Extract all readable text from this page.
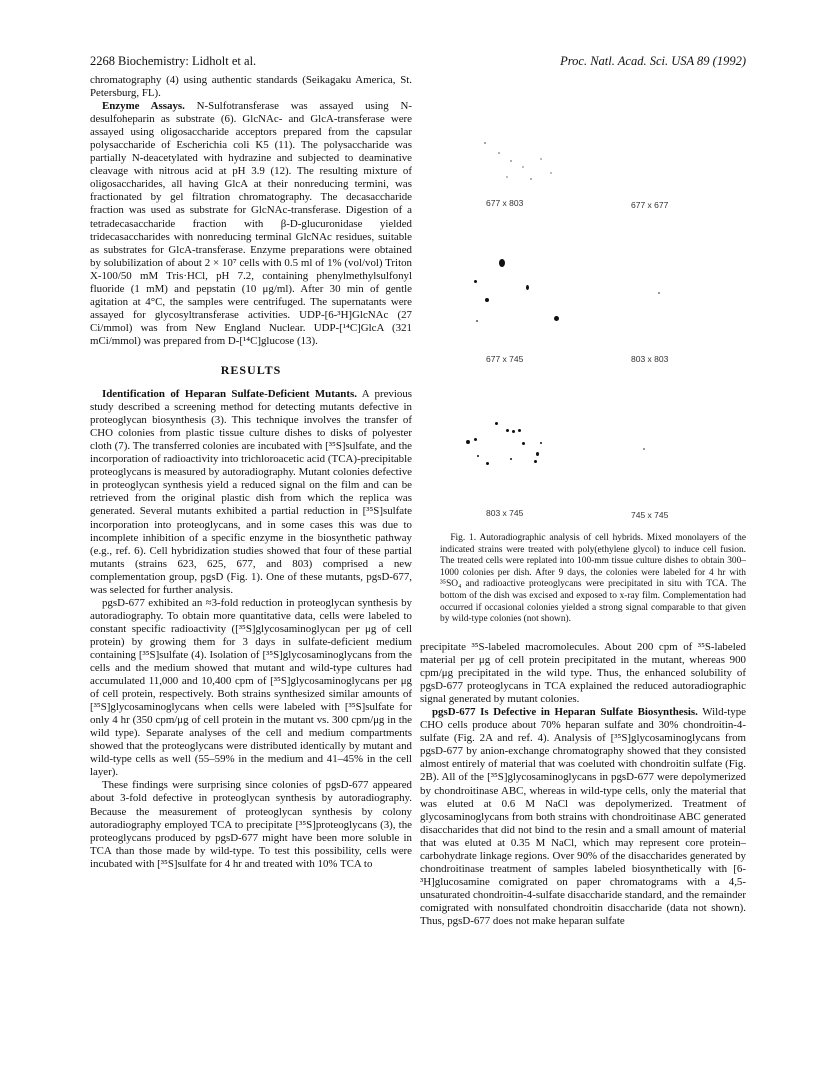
2268 Biochemistry: Lidholt et al.	Proc. Natl. Acad. Sci. USA 89 (1992)

chromatography (4) using authentic standards (Seikagaku America, St. Petersburg, FL).

Enzyme Assays. N-Sulfotransferase was assayed using N-desulfoheparin as substrate (6). GlcNAc- and GlcA-transferase were assayed using oligosaccharide acceptors prepared from the capsular polysaccharide of Escherichia coli K5 (11). The polysaccharide was partially N-deacetylated with hydrazine and subjected to deaminative cleavage with nitrous acid at pH 3.9 (12). The resulting mixture of oligosaccharides, all having GlcA at their nonreducing termini, was fractionated by gel filtration chromatography. The decasaccharide fraction was used as substrate for GlcNAc-transferase. Digestion of a tetradecasaccharide fraction with β-D-glucuronidase yielded tridecasaccharides with nonreducing terminal GlcNAc residues, suitable as substrates for GlcA-transferase. Enzyme preparations were obtained by solubilization of about 2 × 10⁷ cells with 0.5 ml of 1% (vol/vol) Triton X-100/50 mM Tris·HCl, pH 7.2, containing phenylmethylsulfonyl fluoride (1 mM) and pepstatin (10 μg/ml). After 30 min of gentle agitation at 4°C, the samples were centrifuged. The supernatants were assayed for glycosyltransferase activities. UDP-[6-³H]GlcNAc (27 Ci/mmol) was from New England Nuclear. UDP-[¹⁴C]GlcA (321 mCi/mmol) was prepared from D-[¹⁴C]glucose (13).

RESULTS

Identification of Heparan Sulfate-Deficient Mutants. A previous study described a screening method for detecting mutants defective in proteoglycan biosynthesis (3). This technique involves the transfer of CHO colonies from plastic tissue culture dishes to disks of polyester cloth (7). The transferred colonies are incubated with [³⁵S]sulfate, and the incorporation of radioactivity into trichloroacetic acid (TCA)-precipitable proteoglycans is measured by autoradiography. Mutant colonies defective in proteoglycan synthesis yield a reduced signal on the film and can be retrieved from the original plastic dish from which the replica was generated. Several mutants exhibited a partial reduction in [³⁵S]sulfate incorporation into proteoglycans, and in some cases this was due to incomplete inhibition of a specific enzyme in the biosynthetic pathway (e.g., ref. 6). Cell hybridization studies showed that four of these partial mutants (strains 623, 625, 677, and 803) comprised a new complementation group, pgsD (Fig. 1). One of these mutants, pgsD-677, was selected for further analysis.

pgsD-677 exhibited an ≈3-fold reduction in proteoglycan synthesis by autoradiography. To obtain more quantitative data, cells were labeled to constant specific radioactivity ([³⁵S]glycosaminoglycan per μg of cell protein) by growing them for 3 days in sulfate-deficient medium containing [³⁵S]sulfate (4). Isolation of [³⁵S]glycosaminoglycans from the cells and the medium showed that mutant and wild-type cultures had accumulated 11,000 and 10,400 cpm of [³⁵S]glycosaminoglycans per μg of cell protein, respectively. Both strains synthesized similar amounts of [³⁵S]glycosaminoglycans when cells were labeled with [³⁵S]sulfate for only 4 hr (350 cpm/μg of cell protein in the mutant vs. 300 cpm/μg in the wild type). Separate analyses of the cell and medium compartments showed that the proteoglycans were distributed identically by mutant and wild-type cells as well (55–59% in the medium and 41–45% in the cell layer).

These findings were surprising since colonies of pgsD-677 appeared about 3-fold defective in proteoglycan synthesis by autoradiography. Because the measurement of proteoglycan synthesis by colony autoradiography employed TCA to precipitate [³⁵S]proteoglycans (3), the proteoglycans produced by pgsD-677 might have been more soluble in TCA than those made by wild-type. To test this possibility, cells were incubated with [³⁵S]sulfate for 4 hr and treated with 10% TCA to

677 x 803	677 x 677
677 x 745	803 x 803
803 x 745	745 x 745

Fig. 1. Autoradiographic analysis of cell hybrids. Mixed monolayers of the indicated strains were treated with poly(ethylene glycol) to induce cell fusion. The treated cells were replated into 100-mm tissue culture dishes to obtain 300–1000 colonies per dish. After 9 days, the colonies were labeled for 4 hr with ³⁵SO₄ and radioactive proteoglycans were precipitated in situ with TCA. The bottom of the dish was excised and exposed to x-ray film. Complementation had occurred if occasional colonies yielded a strong signal comparable to that given by wild-type colonies (not shown).

precipitate ³⁵S-labeled macromolecules. About 200 cpm of ³⁵S-labeled material per μg of cell protein precipitated in the mutant, whereas 900 cpm/μg precipitated in the wild type. Thus, the enhanced solubility of pgsD-677 proteoglycans in TCA explained the reduced autoradiographic signal generated by mutant colonies.

pgsD-677 Is Defective in Heparan Sulfate Biosynthesis. Wild-type CHO cells produce about 70% heparan sulfate and 30% chondroitin-4-sulfate (Fig. 2A and ref. 4). Analysis of [³⁵S]glycosaminoglycans from pgsD-677 by anion-exchange chromatography showed that they consisted almost entirely of material that was coeluted with chondroitin sulfate (Fig. 2B). All of the [³⁵S]glycosaminoglycans in pgsD-677 were depolymerized by chondroitinase ABC, whereas in wild-type cells, only the material that was eluted at 0.6 M NaCl was depolymerized. Treatment of glycosaminoglycans from both strains with chondroitinase ABC generated disaccharides that did not bind to the resin and a small amount of material that was eluted at 0.35 M NaCl, which may represent core protein–carbohydrate linkage regions. Over 90% of the disaccharides generated by chondroitinase treatment of samples labeled biosynthetically with [6-³H]glucosamine comigrated on paper chromatograms with a 4,5-unsaturated chondroitin-4-sulfate disaccharide standard, and the remainder comigrated with nonsulfated chondroitin disaccharide (data not shown). Thus, pgsD-677 does not make heparan sulfate
